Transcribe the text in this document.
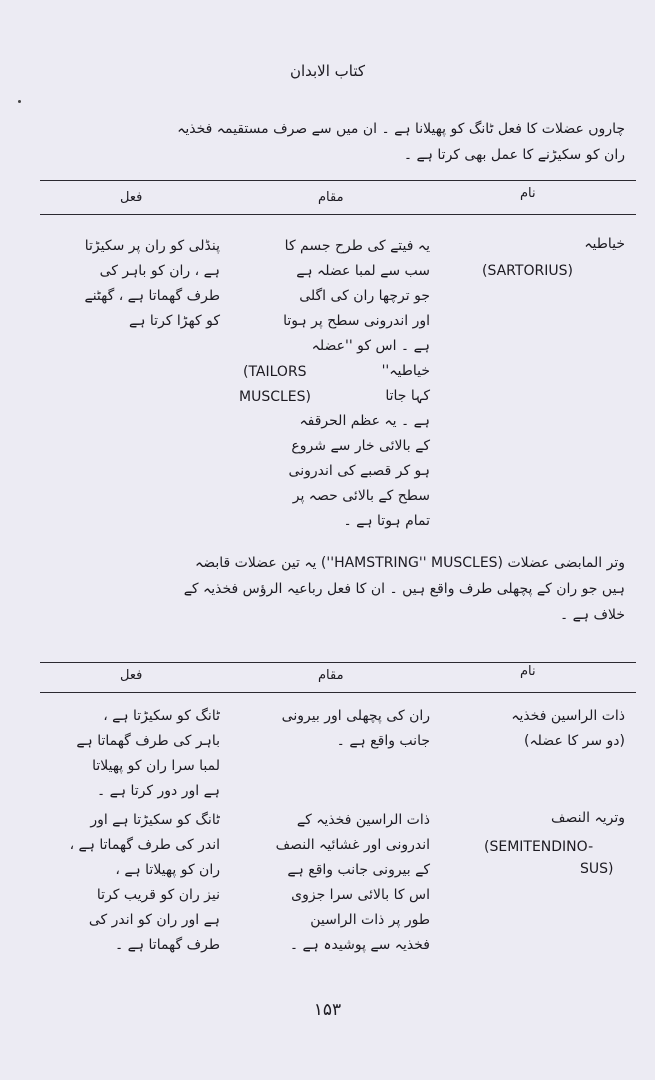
کتاب الابدان
چاروں عضلات کا فعل ٹانگ کو پھیلانا ہے ۔ ان میں سے صرف مستقیمہ فخذیہ
ران کو سکیڑنے کا عمل بھی کرتا ہے ۔
نام
مقام
فعل
خیاطیہ
(SARTORIUS)
یہ فیتے کی طرح جسم کا
سب سے لمبا عضلہ ہے
جو ترچھا ران کی اگلی
اور اندرونی سطح پر ہوتا
ہے ۔ اس کو ''عضلہ
خیاطیہ''
(TAILORS
کہا جاتا
MUSCLES)
ہے ۔ یہ عظم الحرقفہ
کے بالائی خار سے شروع
ہو کر قصبے کی اندرونی
سطح کے بالائی حصہ پر
تمام ہوتا ہے ۔
پنڈلی کو ران پر سکیڑتا
ہے ، ران کو باہر کی
طرف گھماتا ہے ، گھٹنے
کو کھڑا کرتا ہے
وتر المابضی عضلات (''HAMSTRING'' MUSCLES) یہ تین عضلات قابضہ
ہیں جو ران کے پچھلی طرف واقع ہیں ۔ ان کا فعل رباعیہ الرؤس فخذیہ کے
خلاف ہے ۔
نام
مقام
فعل
ذات الراسین فخذیہ
(دو سر کا عضلہ)
ران کی پچھلی اور بیرونی
جانب واقع ہے ۔
ٹانگ کو سکیڑتا ہے ،
باہر کی طرف گھماتا ہے
لمبا سرا ران کو پھیلاتا
ہے اور دور کرتا ہے ۔
وتریہ النصف
(SEMITENDINO-
SUS)
ذات الراسین فخذیہ کے
اندرونی اور غشائیہ النصف
کے بیرونی جانب واقع ہے
اس کا بالائی سرا جزوی
طور پر ذات الراسین
فخذیہ سے پوشیدہ ہے ۔
ٹانگ کو سکیڑتا ہے اور
اندر کی طرف گھماتا ہے ،
ران کو پھیلاتا ہے ،
نیز ران کو قریب کرتا
ہے اور ران کو اندر کی
طرف گھماتا ہے ۔
۱۵۳
